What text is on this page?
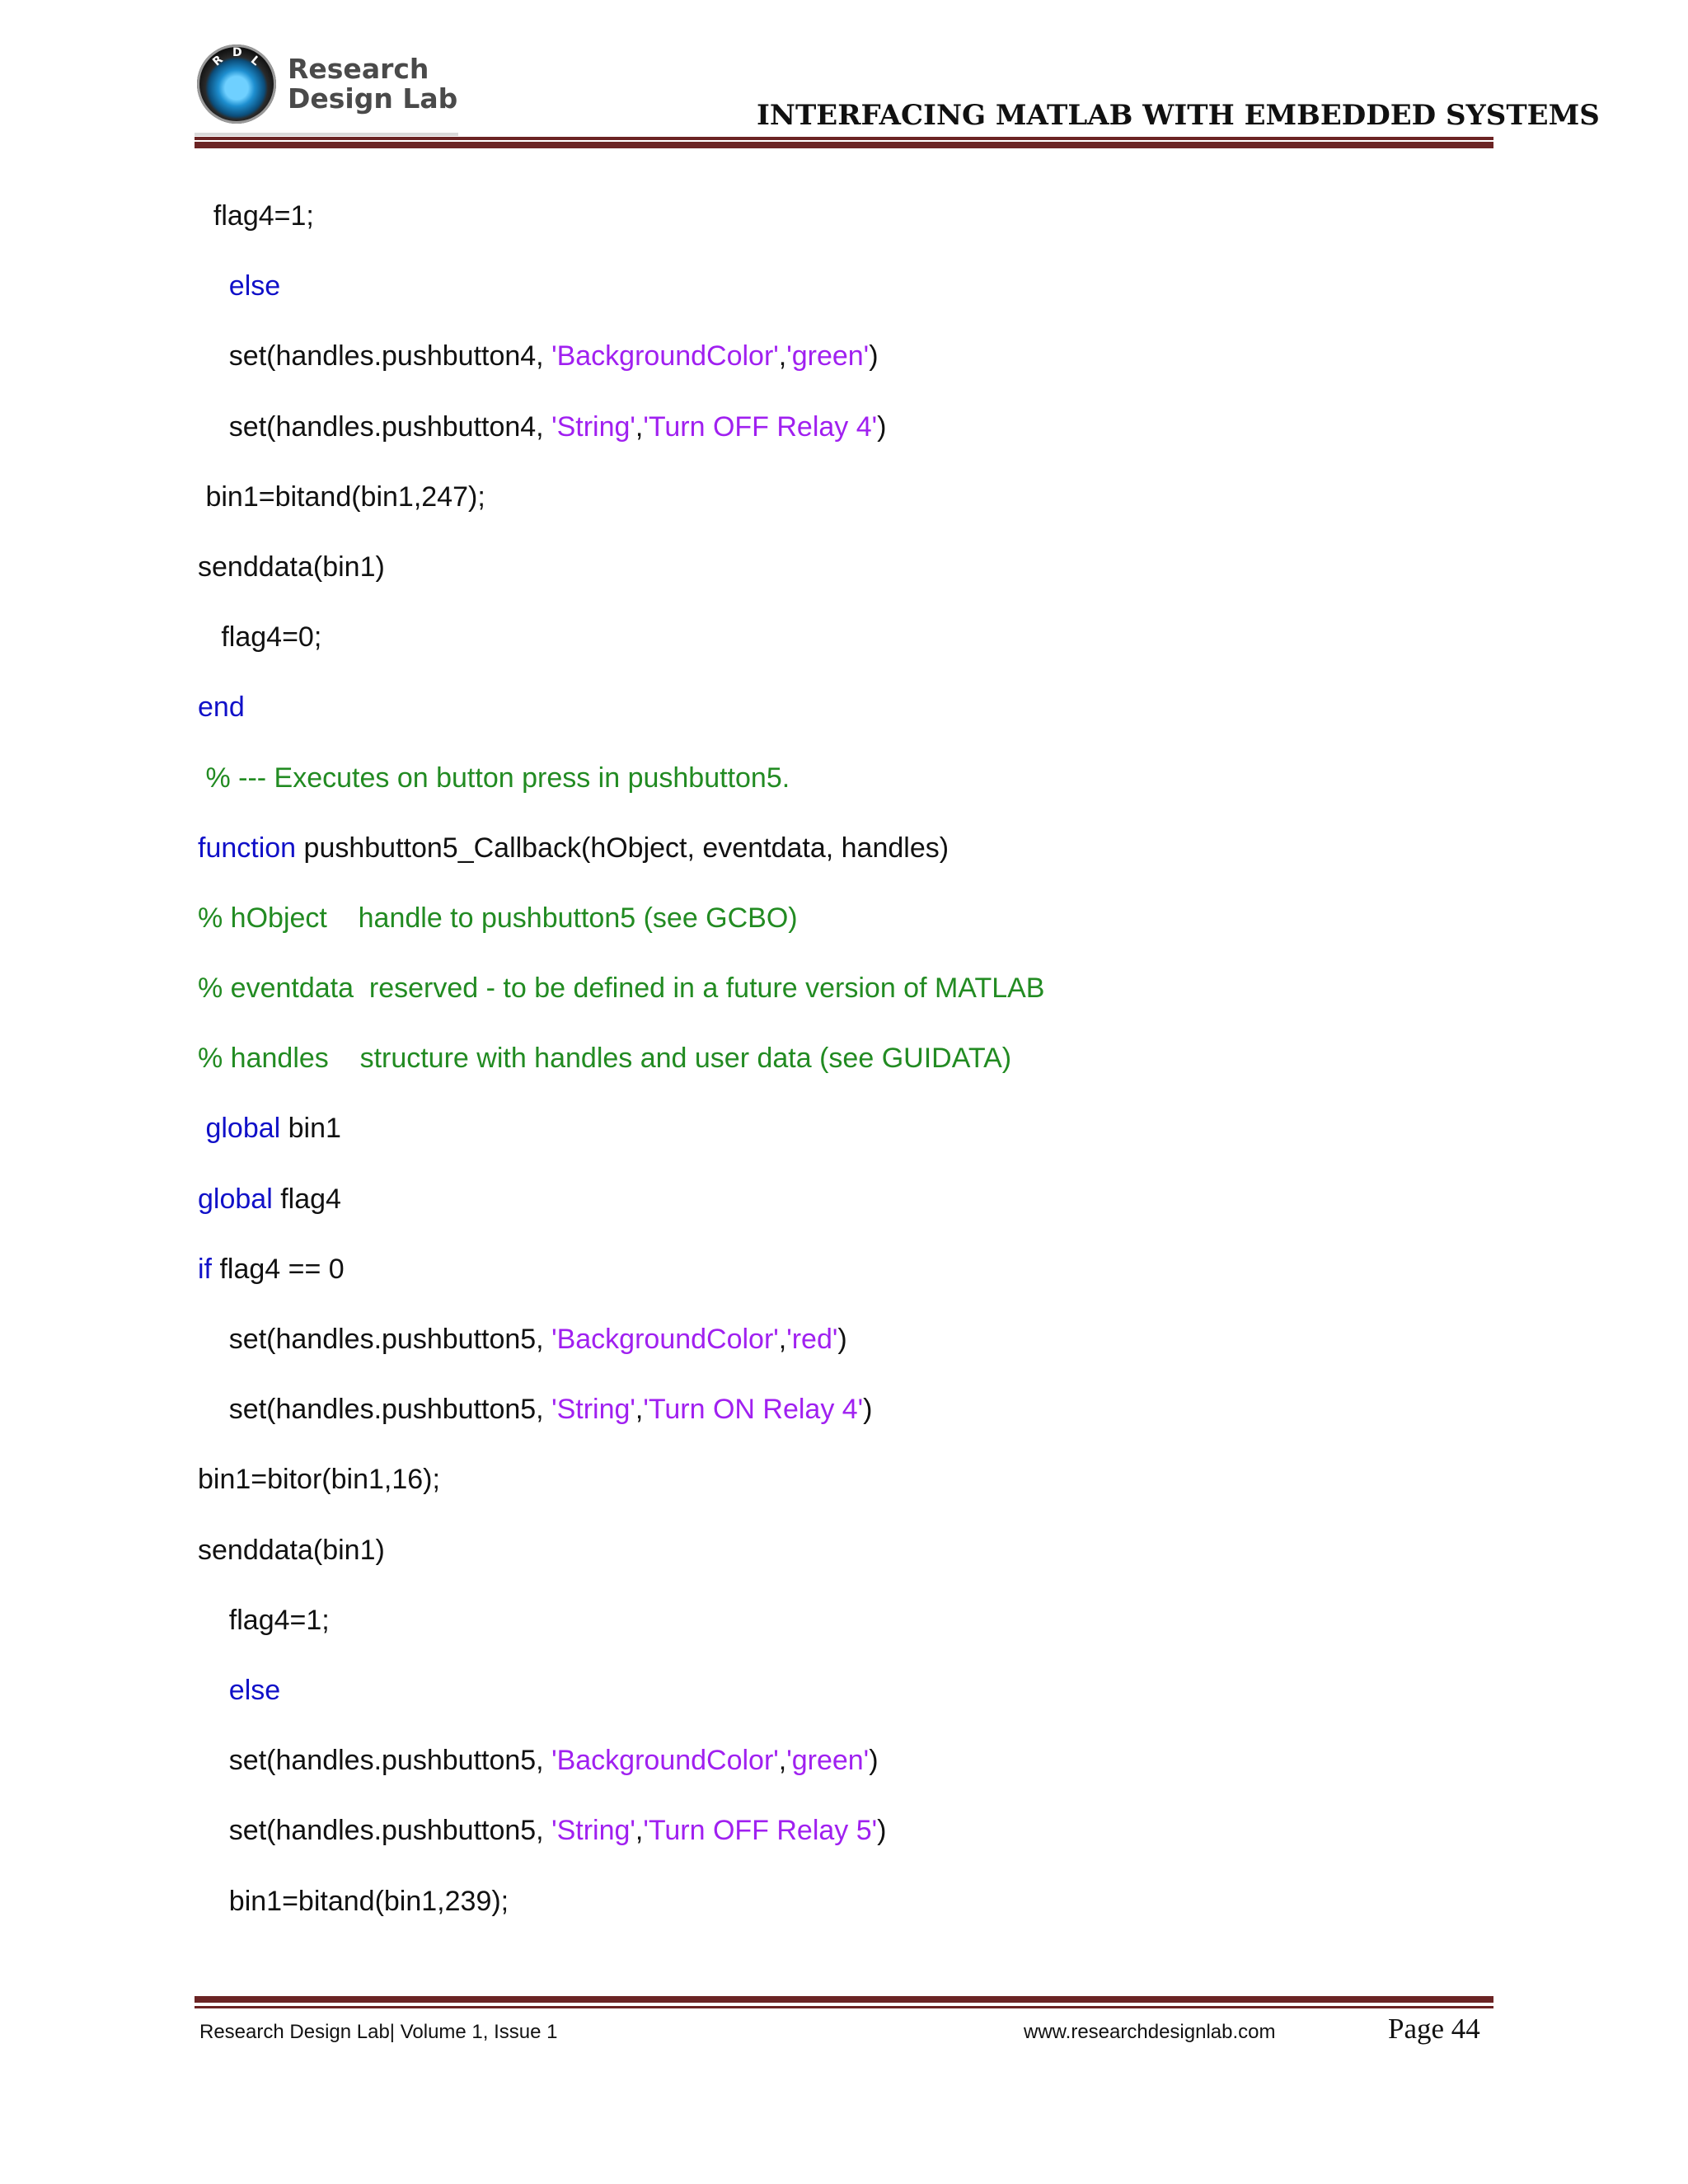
R
D
L Research
Design Lab
INTERFACING MATLAB WITH EMBEDDED SYSTEMS
flag4=1;
else
set(handles.pushbutton4, 'BackgroundColor','green')
set(handles.pushbutton4, 'String','Turn OFF Relay 4')
bin1=bitand(bin1,247);
senddata(bin1)
flag4=0;
end
% --- Executes on button press in pushbutton5.
function pushbutton5_Callback(hObject, eventdata, handles)
% hObject    handle to pushbutton5 (see GCBO)
% eventdata  reserved - to be defined in a future version of MATLAB
% handles    structure with handles and user data (see GUIDATA)
global bin1
global flag4
if flag4 == 0
set(handles.pushbutton5, 'BackgroundColor','red')
set(handles.pushbutton5, 'String','Turn ON Relay 4')
bin1=bitor(bin1,16);
senddata(bin1)
flag4=1;
else
set(handles.pushbutton5, 'BackgroundColor','green')
set(handles.pushbutton5, 'String','Turn OFF Relay 5')
bin1=bitand(bin1,239);
Research Design Lab| Volume 1, Issue 1	www.researchdesignlab.com	Page 44
